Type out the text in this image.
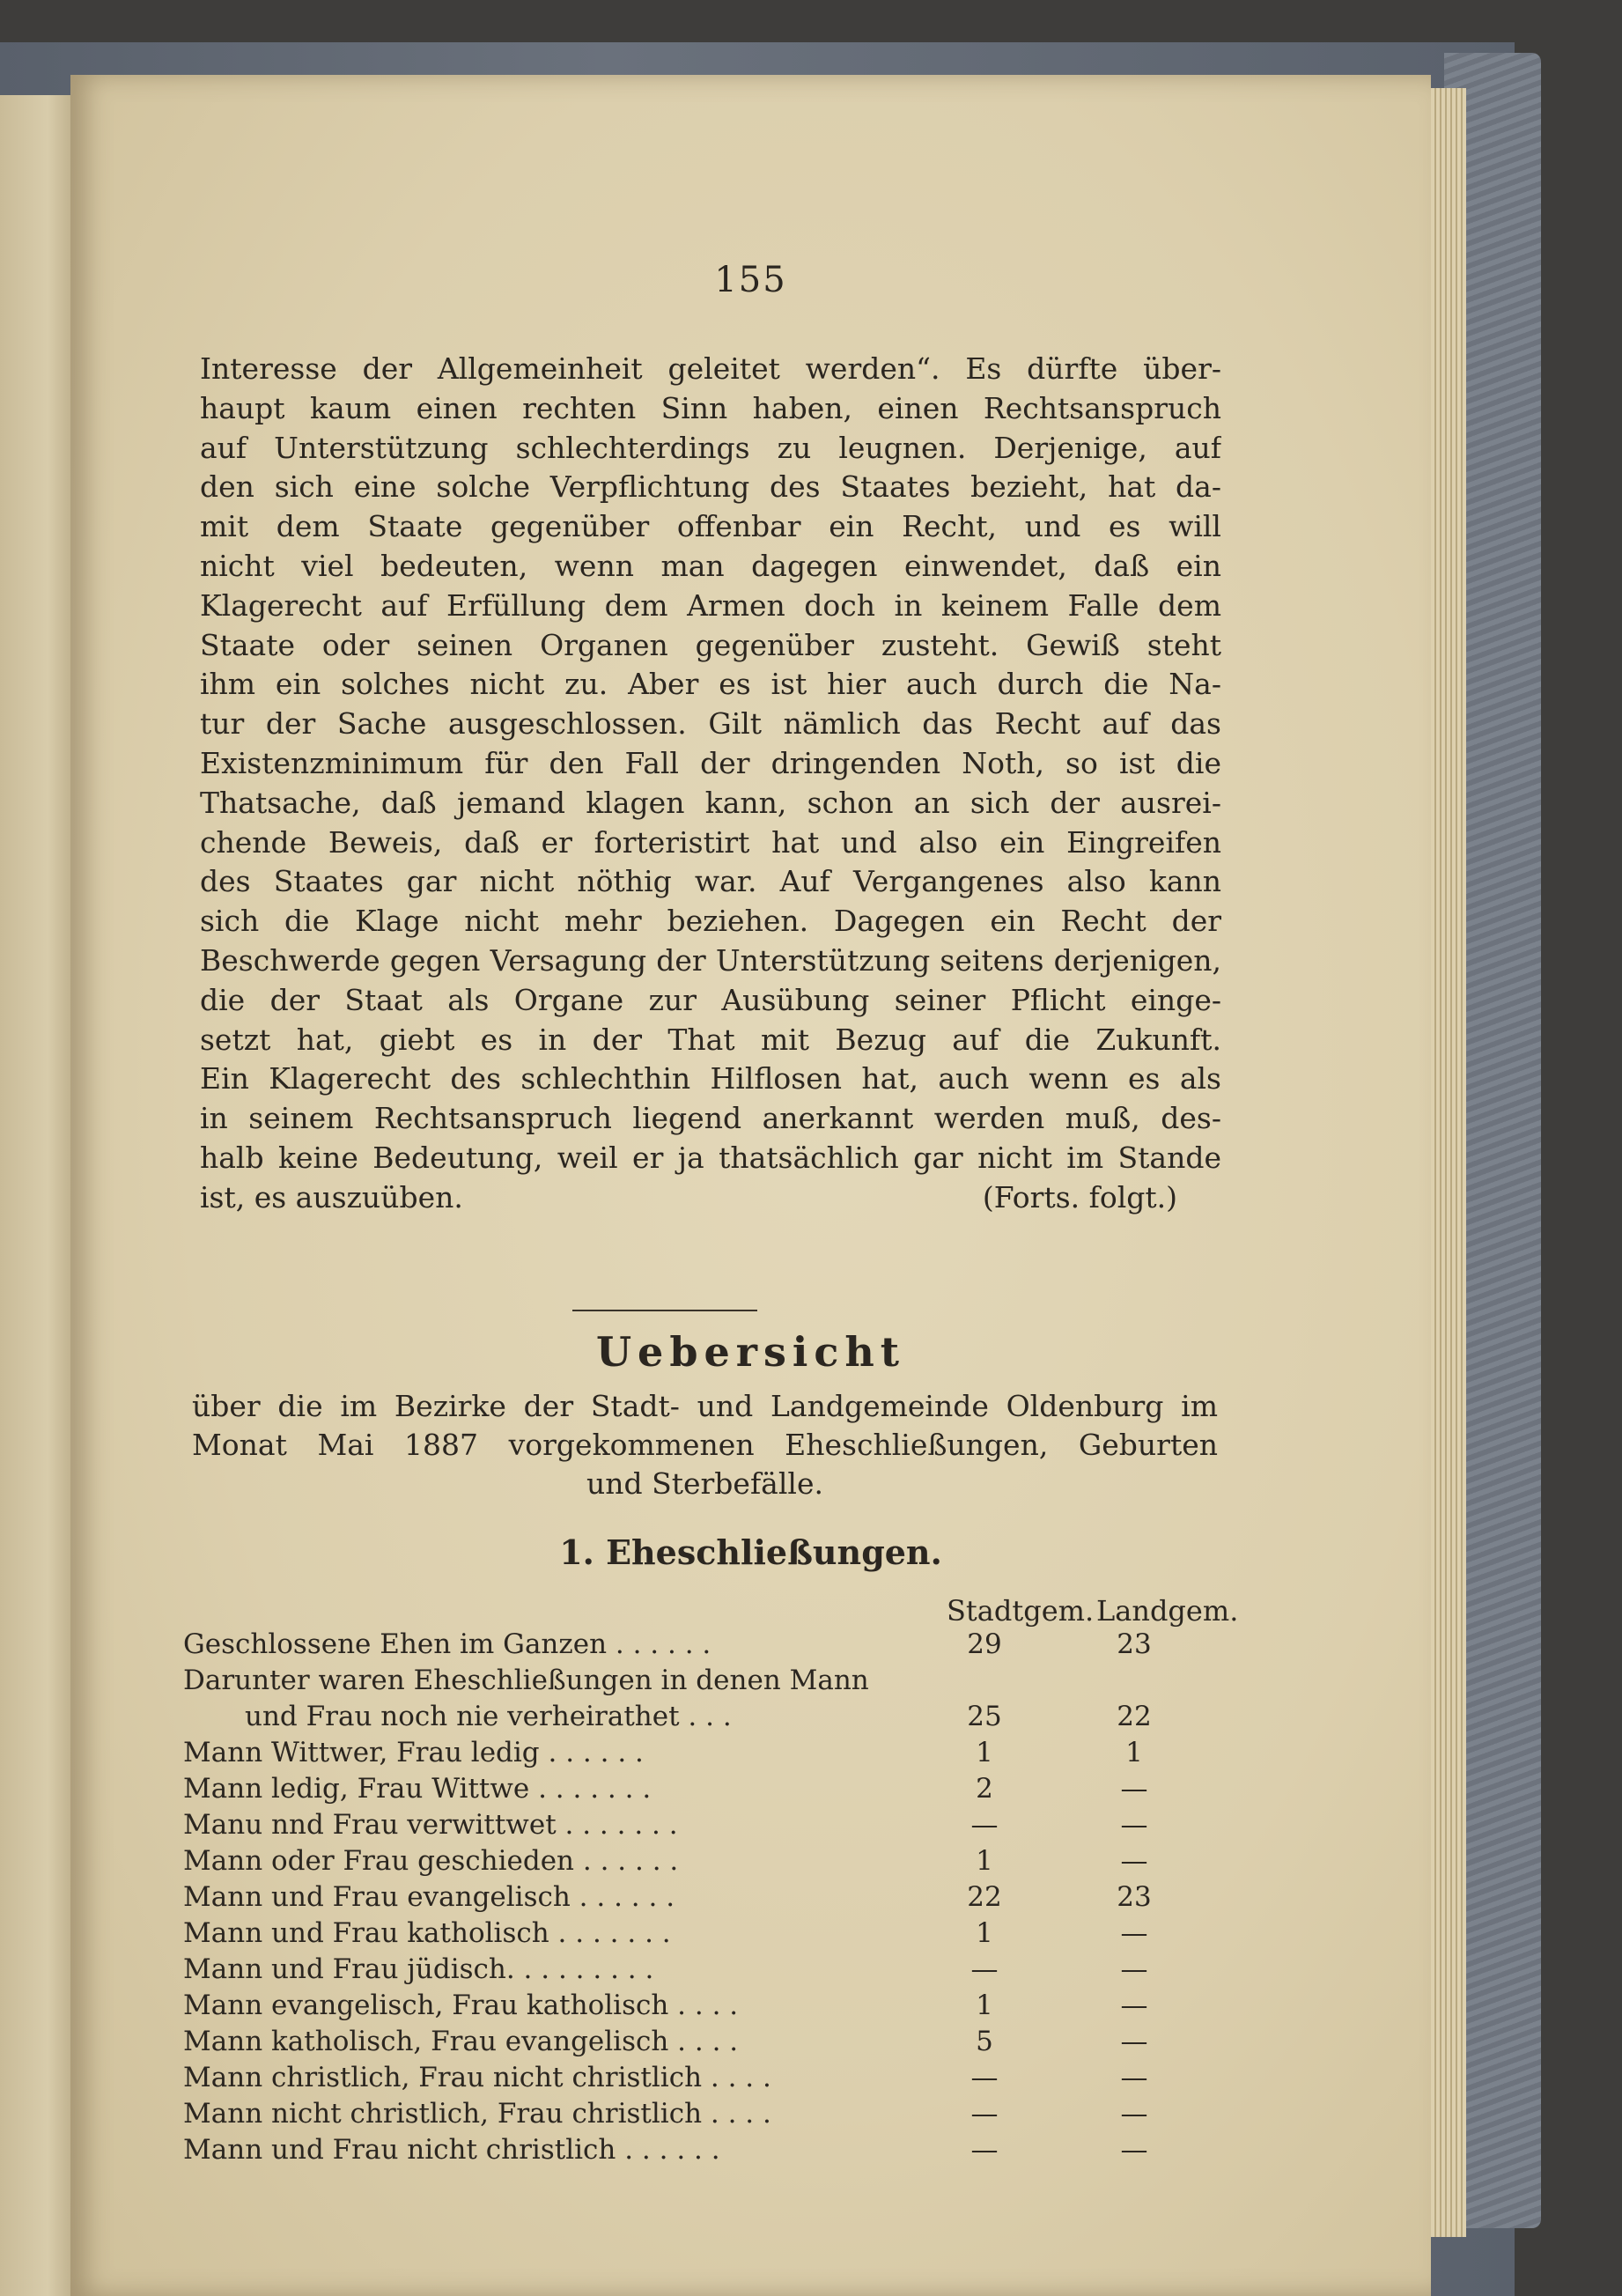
155
Interesse der Allgemeinheit geleitet werden“. Es dürfte über-
haupt kaum einen rechten Sinn haben, einen Rechtsanspruch
auf Unterstützung schlechterdings zu leugnen. Derjenige, auf
den sich eine solche Verpflichtung des Staates bezieht, hat da-
mit dem Staate gegenüber offenbar ein Recht, und es will
nicht viel bedeuten, wenn man dagegen einwendet, daß ein
Klagerecht auf Erfüllung dem Armen doch in keinem Falle dem
Staate oder seinen Organen gegenüber zusteht. Gewiß steht
ihm ein solches nicht zu. Aber es ist hier auch durch die Na-
tur der Sache ausgeschlossen. Gilt nämlich das Recht auf das
Existenzminimum für den Fall der dringenden Noth, so ist die
Thatsache, daß jemand klagen kann, schon an sich der ausrei-
chende Beweis, daß er forteristirt hat und also ein Eingreifen
des Staates gar nicht nöthig war. Auf Vergangenes also kann
sich die Klage nicht mehr beziehen. Dagegen ein Recht der
Beschwerde gegen Versagung der Unterstützung seitens derjenigen,
die der Staat als Organe zur Ausübung seiner Pflicht einge-
setzt hat, giebt es in der That mit Bezug auf die Zukunft.
Ein Klagerecht des schlechthin Hilflosen hat, auch wenn es als
in seinem Rechtsanspruch liegend anerkannt werden muß, des-
halb keine Bedeutung, weil er ja thatsächlich gar nicht im Stande
ist, es auszuüben.	(Forts. folgt.)
Uebersicht
über die im Bezirke der Stadt- und Landgemeinde Oldenburg im
Monat Mai 1887 vorgekommenen Eheschließungen, Geburten
und Sterbefälle.
1. Eheschließungen.
Stadtgem. Landgem.
Geschlossene Ehen im Ganzen . . . . . .	29	23
Darunter waren Eheschließungen in denen Mann
und Frau noch nie verheirathet . . .	25	22
Mann Wittwer, Frau ledig . . . . . .	1	1
Mann ledig, Frau Wittwe . . . . . . .	2	—
Manu nnd Frau verwittwet . . . . . . .	—	—
Mann oder Frau geschieden . . . . . .	1	—
Mann und Frau evangelisch . . . . . .	22	23
Mann und Frau katholisch . . . . . . .	1	—
Mann und Frau jüdisch. . . . . . . . .	—	—
Mann evangelisch, Frau katholisch . . . .	1	—
Mann katholisch, Frau evangelisch . . . .	5	—
Mann christlich, Frau nicht christlich . . . .	—	—
Mann nicht christlich, Frau christlich . . . .	—	—
Mann und Frau nicht christlich . . . . . .	—	—
